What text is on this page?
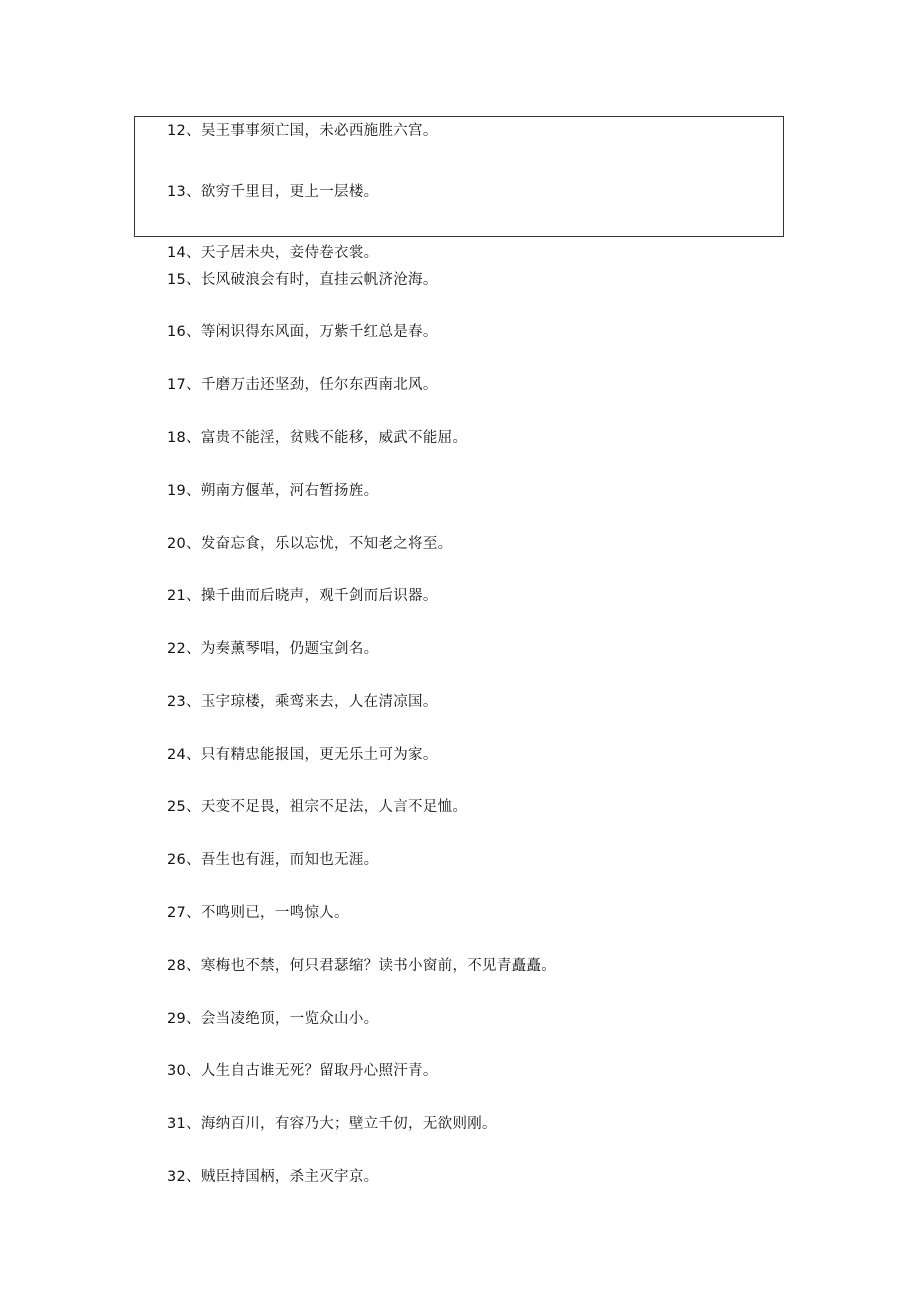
12、吴王事事须亡国，未必西施胜六宫。
13、欲穷千里目，更上一层楼。
14、天子居未央，妾侍卷衣裳。
15、长风破浪会有时，直挂云帆济沧海。
16、等闲识得东风面，万紫千红总是春。
17、千磨万击还坚劲，任尔东西南北风。
18、富贵不能淫，贫贱不能移，威武不能屈。
19、朔南方偃革，河右暂扬旌。
20、发奋忘食，乐以忘忧，不知老之将至。
21、操千曲而后晓声，观千剑而后识器。
22、为奏薰琴唱，仍题宝剑名。
23、玉宇琼楼，乘鸾来去，人在清凉国。
24、只有精忠能报国，更无乐土可为家。
25、天变不足畏，祖宗不足法，人言不足恤。
26、吾生也有涯，而知也无涯。
27、不鸣则已，一鸣惊人。
28、寒梅也不禁，何只君瑟缩？读书小窗前，不见青矗矗。
29、会当凌绝顶，一览众山小。
30、人生自古谁无死？留取丹心照汗青。
31、海纳百川，有容乃大；壁立千仞，无欲则刚。
32、贼臣持国柄，杀主灭宇京。
